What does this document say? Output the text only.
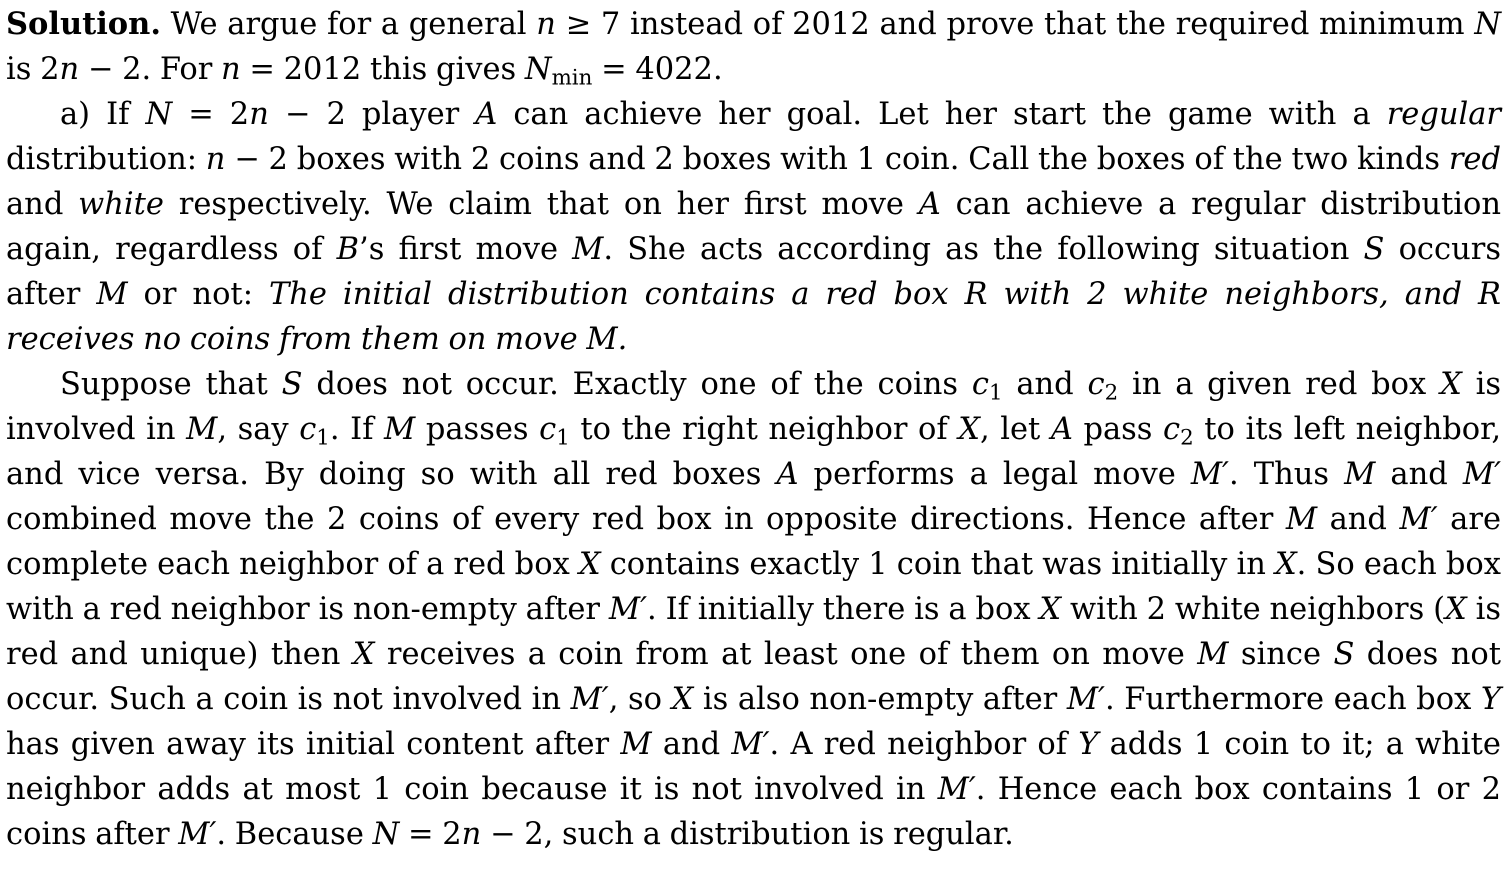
Solution. We argue for a general n ≥ 7 instead of 2012 and prove that the required minimum N is 2n − 2. For n = 2012 this gives $N_{min} = 4022$.

a) If N = 2n − 2 player A can achieve her goal. Let her start the game with a regular distribution: n − 2 boxes with 2 coins and 2 boxes with 1 coin. Call the boxes of the two kinds red and white respectively. We claim that on her first move A can achieve a regular distribution again, regardless of B’s first move M. She acts according as the following situation S occurs after M or not: The initial distribution contains a red box R with 2 white neighbors, and R receives no coins from them on move M.

Suppose that S does not occur. Exactly one of the coins $c_1$ and $c_2$ in a given red box X is involved in M, say $c_1$. If M passes $c_1$ to the right neighbor of X, let A pass $c_2$ to its left neighbor, and vice versa. By doing so with all red boxes A performs a legal move M′. Thus M and M′ combined move the 2 coins of every red box in opposite directions. Hence after M and M′ are complete each neighbor of a red box X contains exactly 1 coin that was initially in X. So each box with a red neighbor is non-empty after M′. If initially there is a box X with 2 white neighbors (X is red and unique) then X receives a coin from at least one of them on move M since S does not occur. Such a coin is not involved in M′, so X is also non-empty after M′. Furthermore each box Y has given away its initial content after M and M′. A red neighbor of Y adds 1 coin to it; a white neighbor adds at most 1 coin because it is not involved in M′. Hence each box contains 1 or 2 coins after M′. Because N = 2n − 2, such a distribution is regular.
